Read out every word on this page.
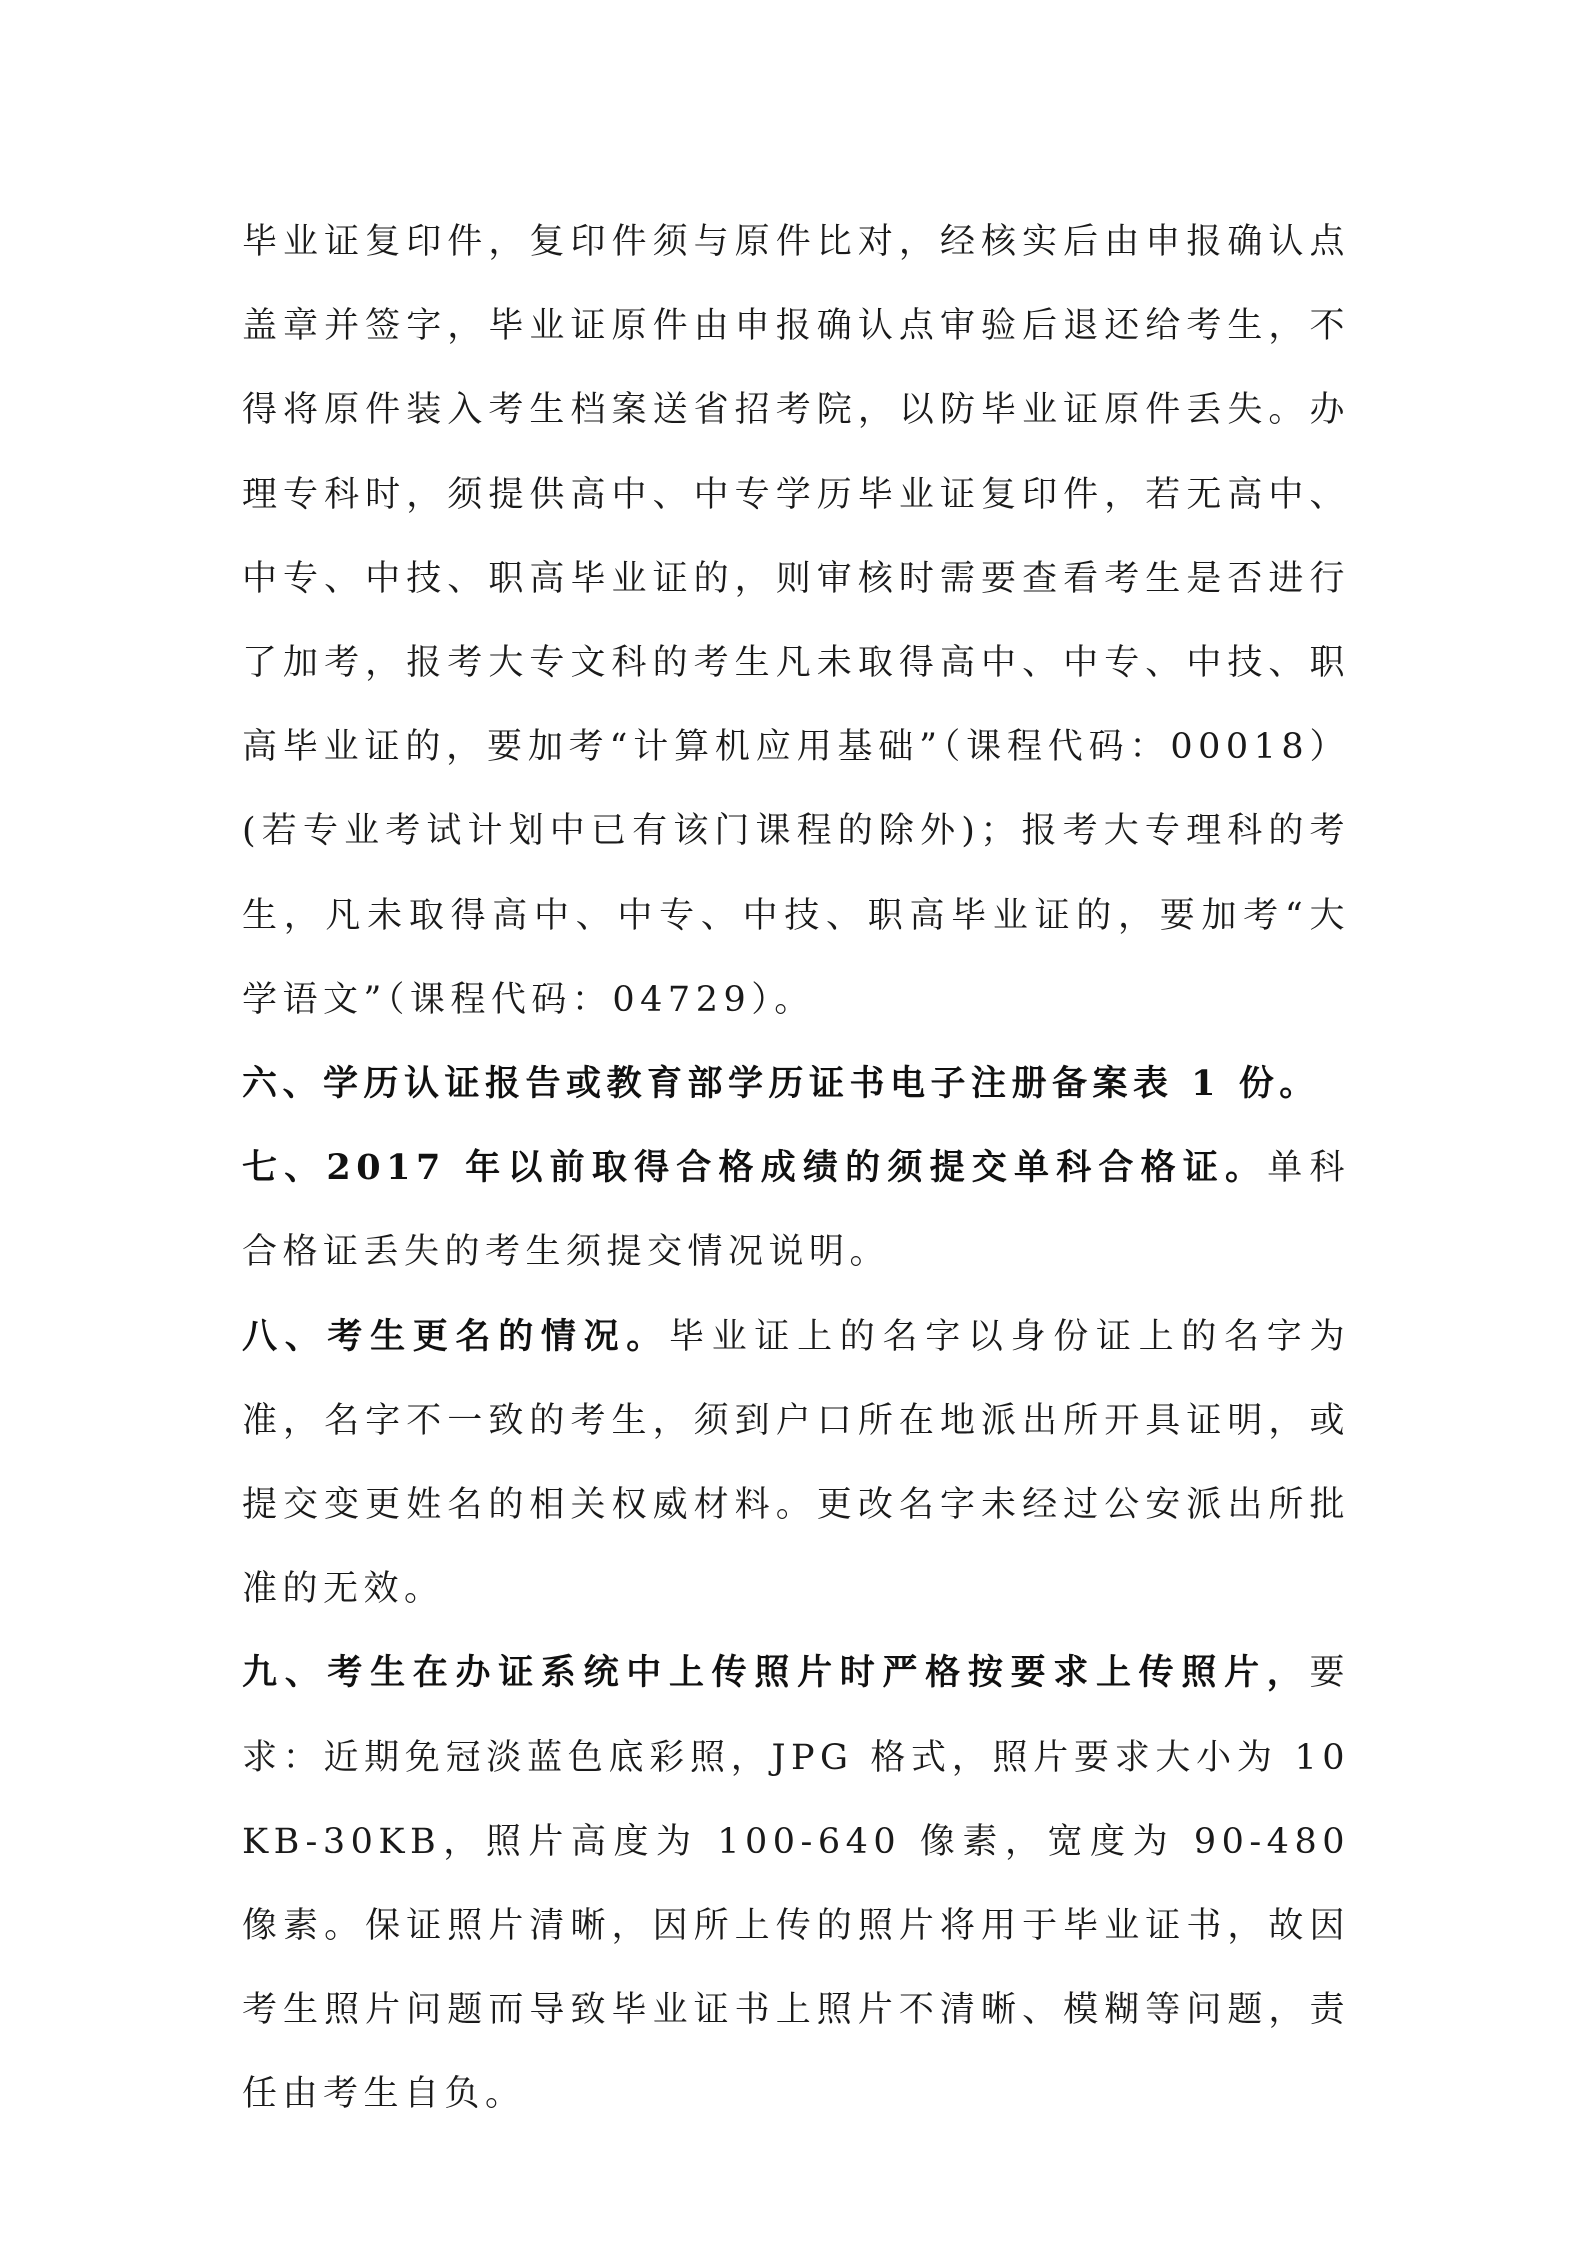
毕业证复印件，复印件须与原件比对，经核实后由申报确认点盖章并签字，毕业证原件由申报确认点审验后退还给考生，不得将原件装入考生档案送省招考院，以防毕业证原件丢失。办理专科时，须提供高中、中专学历毕业证复印件，若无高中、中专、中技、职高毕业证的，则审核时需要查看考生是否进行了加考，报考大专文科的考生凡未取得高中、中专、中技、职高毕业证的，要加考“计算机应用基础”（课程代码：00018）(若专业考试计划中已有该门课程的除外)；报考大专理科的考生，凡未取得高中、中专、中技、职高毕业证的，要加考“大学语文”（课程代码：04729）。

六、学历认证报告或教育部学历证书电子注册备案表 1 份。

七、2017 年以前取得合格成绩的须提交单科合格证。单科合格证丢失的考生须提交情况说明。

八、考生更名的情况。毕业证上的名字以身份证上的名字为准，名字不一致的考生，须到户口所在地派出所开具证明，或提交变更姓名的相关权威材料。更改名字未经过公安派出所批准的无效。

九、考生在办证系统中上传照片时严格按要求上传照片，要求：近期免冠淡蓝色底彩照，JPG 格式，照片要求大小为 10KB-30KB，照片高度为 100-640 像素，宽度为 90-480 像素。保证照片清晰，因所上传的照片将用于毕业证书，故因考生照片问题而导致毕业证书上照片不清晰、模糊等问题，责任由考生自负。
